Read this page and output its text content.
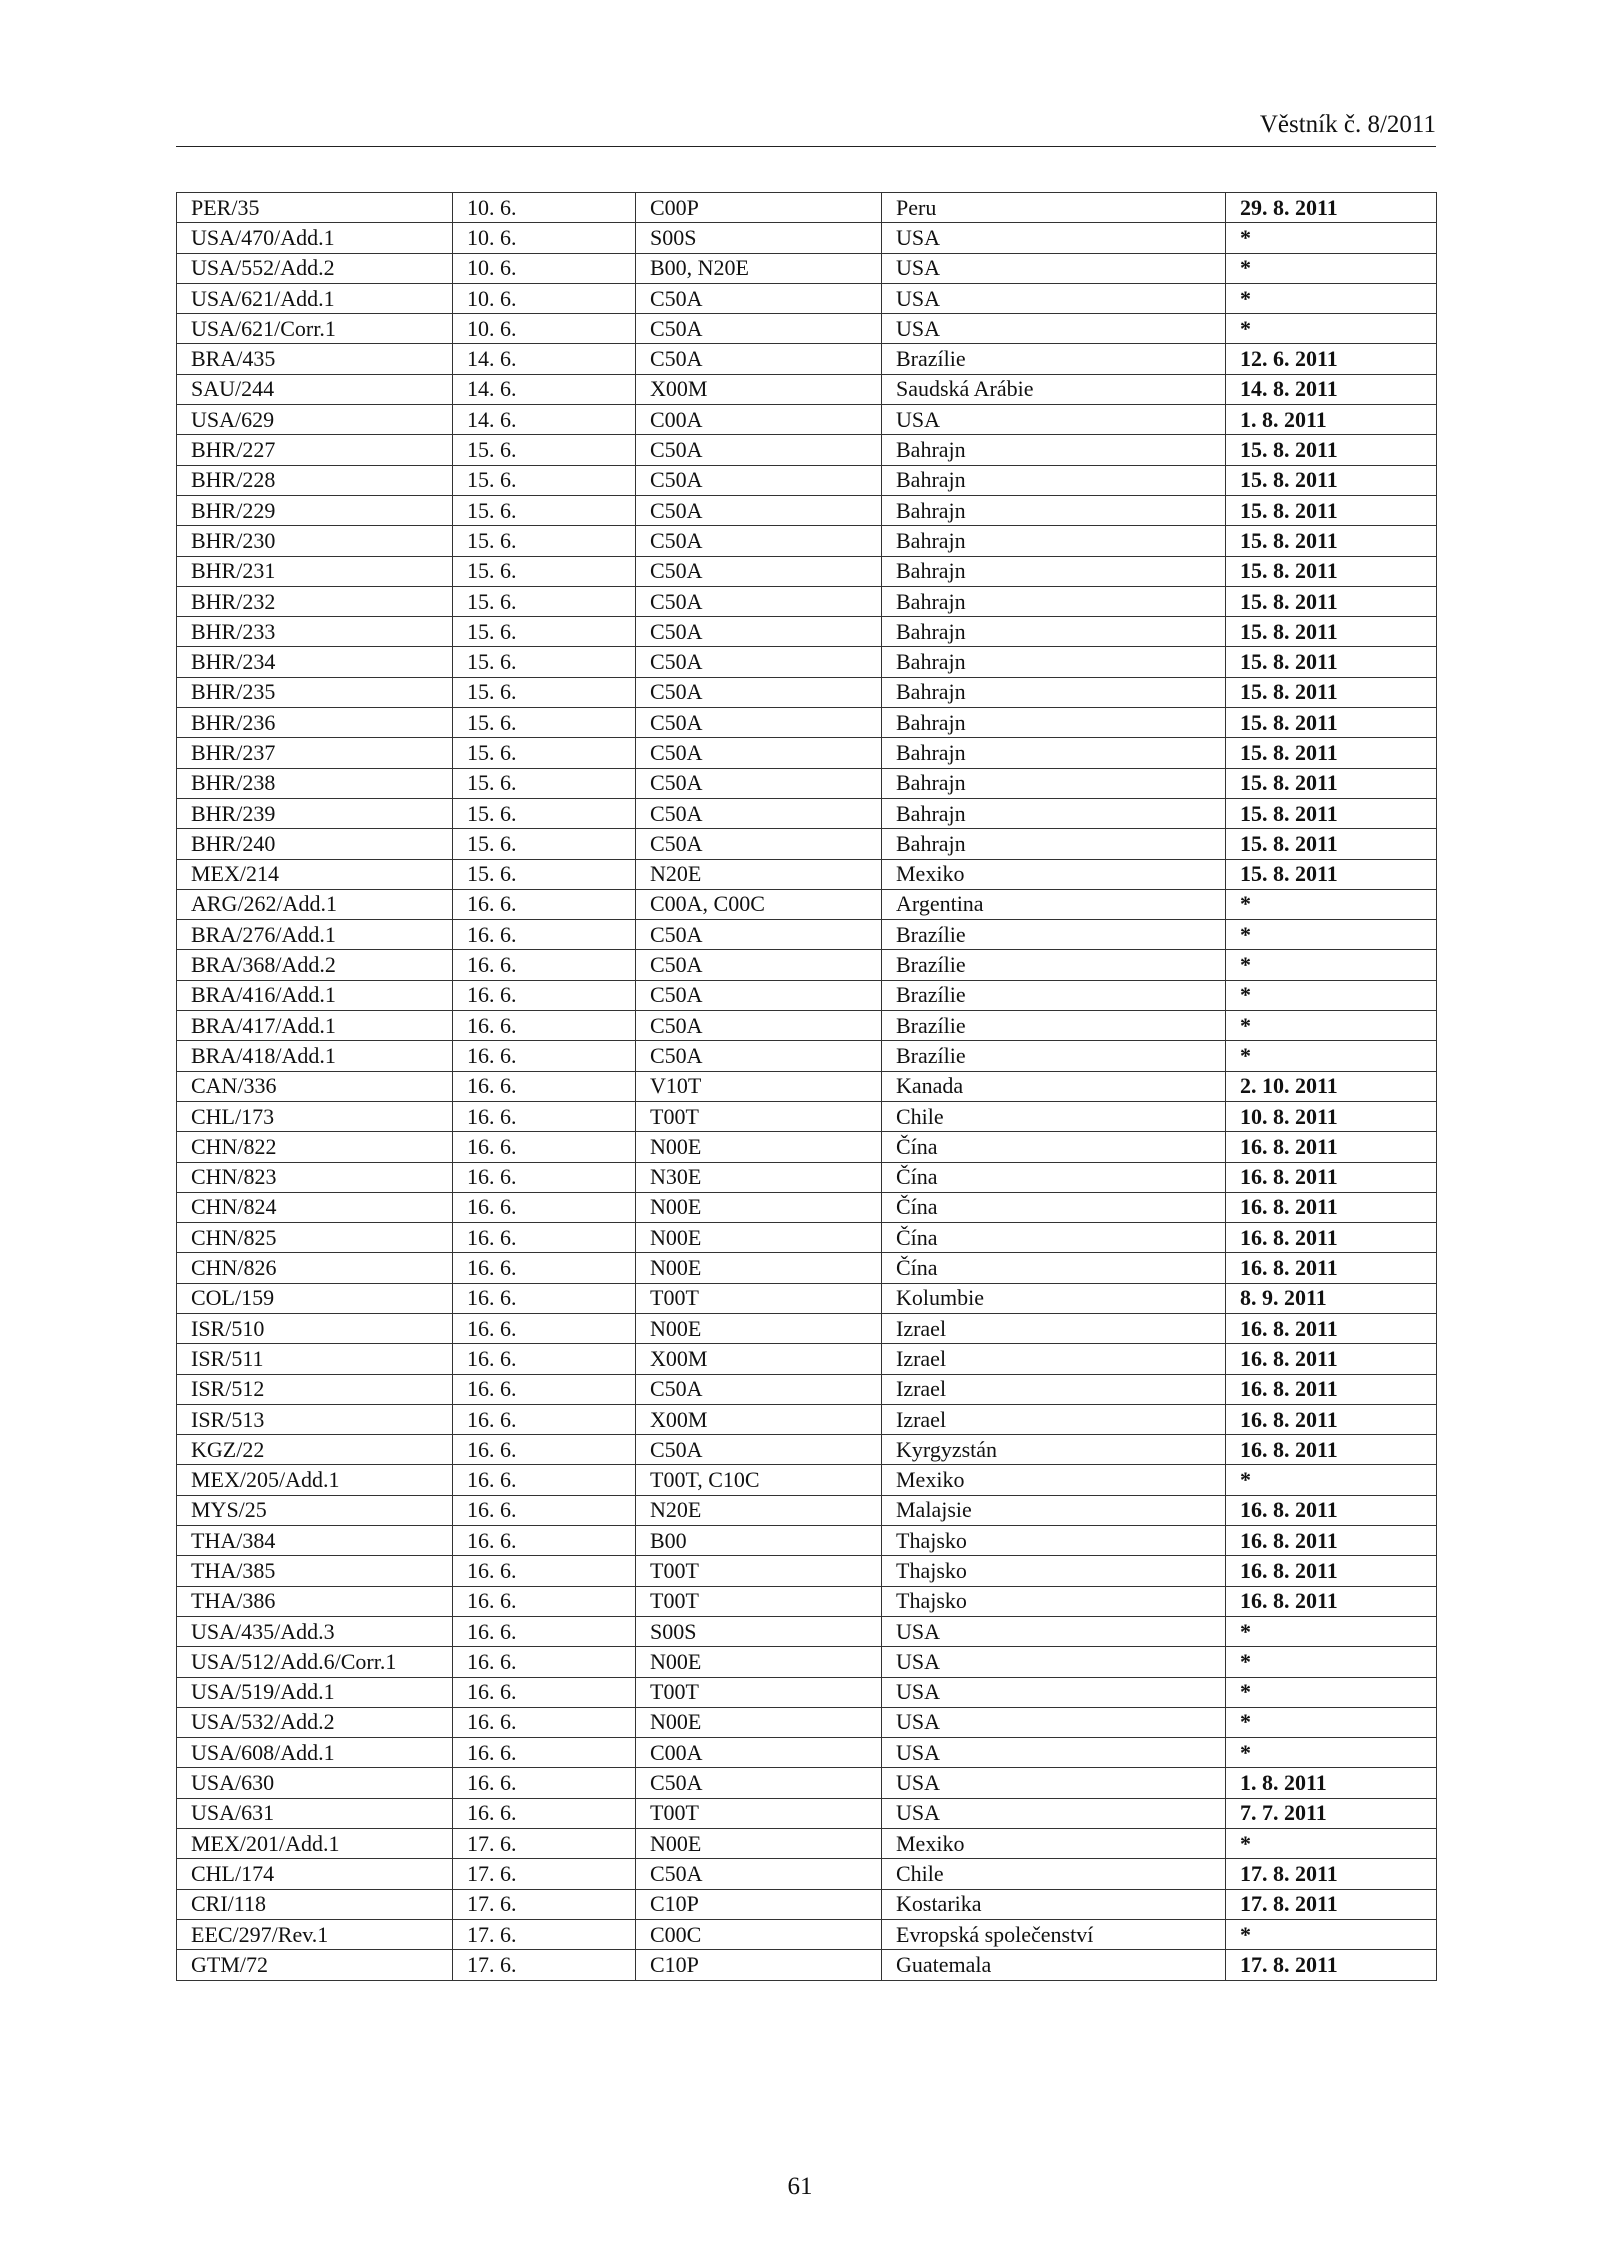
Věstník č. 8/2011
PER/35	10. 6.	C00P	Peru	29. 8. 2011
USA/470/Add.1	10. 6.	S00S	USA	*
USA/552/Add.2	10. 6.	B00, N20E	USA	*
USA/621/Add.1	10. 6.	C50A	USA	*
USA/621/Corr.1	10. 6.	C50A	USA	*
BRA/435	14. 6.	C50A	Brazílie	12. 6. 2011
SAU/244	14. 6.	X00M	Saudská Arábie	14. 8. 2011
USA/629	14. 6.	C00A	USA	1. 8. 2011
BHR/227	15. 6.	C50A	Bahrajn	15. 8. 2011
BHR/228	15. 6.	C50A	Bahrajn	15. 8. 2011
BHR/229	15. 6.	C50A	Bahrajn	15. 8. 2011
BHR/230	15. 6.	C50A	Bahrajn	15. 8. 2011
BHR/231	15. 6.	C50A	Bahrajn	15. 8. 2011
BHR/232	15. 6.	C50A	Bahrajn	15. 8. 2011
BHR/233	15. 6.	C50A	Bahrajn	15. 8. 2011
BHR/234	15. 6.	C50A	Bahrajn	15. 8. 2011
BHR/235	15. 6.	C50A	Bahrajn	15. 8. 2011
BHR/236	15. 6.	C50A	Bahrajn	15. 8. 2011
BHR/237	15. 6.	C50A	Bahrajn	15. 8. 2011
BHR/238	15. 6.	C50A	Bahrajn	15. 8. 2011
BHR/239	15. 6.	C50A	Bahrajn	15. 8. 2011
BHR/240	15. 6.	C50A	Bahrajn	15. 8. 2011
MEX/214	15. 6.	N20E	Mexiko	15. 8. 2011
ARG/262/Add.1	16. 6.	C00A, C00C	Argentina	*
BRA/276/Add.1	16. 6.	C50A	Brazílie	*
BRA/368/Add.2	16. 6.	C50A	Brazílie	*
BRA/416/Add.1	16. 6.	C50A	Brazílie	*
BRA/417/Add.1	16. 6.	C50A	Brazílie	*
BRA/418/Add.1	16. 6.	C50A	Brazílie	*
CAN/336	16. 6.	V10T	Kanada	2. 10. 2011
CHL/173	16. 6.	T00T	Chile	10. 8. 2011
CHN/822	16. 6.	N00E	Čína	16. 8. 2011
CHN/823	16. 6.	N30E	Čína	16. 8. 2011
CHN/824	16. 6.	N00E	Čína	16. 8. 2011
CHN/825	16. 6.	N00E	Čína	16. 8. 2011
CHN/826	16. 6.	N00E	Čína	16. 8. 2011
COL/159	16. 6.	T00T	Kolumbie	8. 9. 2011
ISR/510	16. 6.	N00E	Izrael	16. 8. 2011
ISR/511	16. 6.	X00M	Izrael	16. 8. 2011
ISR/512	16. 6.	C50A	Izrael	16. 8. 2011
ISR/513	16. 6.	X00M	Izrael	16. 8. 2011
KGZ/22	16. 6.	C50A	Kyrgyzstán	16. 8. 2011
MEX/205/Add.1	16. 6.	T00T, C10C	Mexiko	*
MYS/25	16. 6.	N20E	Malajsie	16. 8. 2011
THA/384	16. 6.	B00	Thajsko	16. 8. 2011
THA/385	16. 6.	T00T	Thajsko	16. 8. 2011
THA/386	16. 6.	T00T	Thajsko	16. 8. 2011
USA/435/Add.3	16. 6.	S00S	USA	*
USA/512/Add.6/Corr.1	16. 6.	N00E	USA	*
USA/519/Add.1	16. 6.	T00T	USA	*
USA/532/Add.2	16. 6.	N00E	USA	*
USA/608/Add.1	16. 6.	C00A	USA	*
USA/630	16. 6.	C50A	USA	1. 8. 2011
USA/631	16. 6.	T00T	USA	7. 7. 2011
MEX/201/Add.1	17. 6.	N00E	Mexiko	*
CHL/174	17. 6.	C50A	Chile	17. 8. 2011
CRI/118	17. 6.	C10P	Kostarika	17. 8. 2011
EEC/297/Rev.1	17. 6.	C00C	Evropská společenství	*
GTM/72	17. 6.	C10P	Guatemala	17. 8. 2011
61
